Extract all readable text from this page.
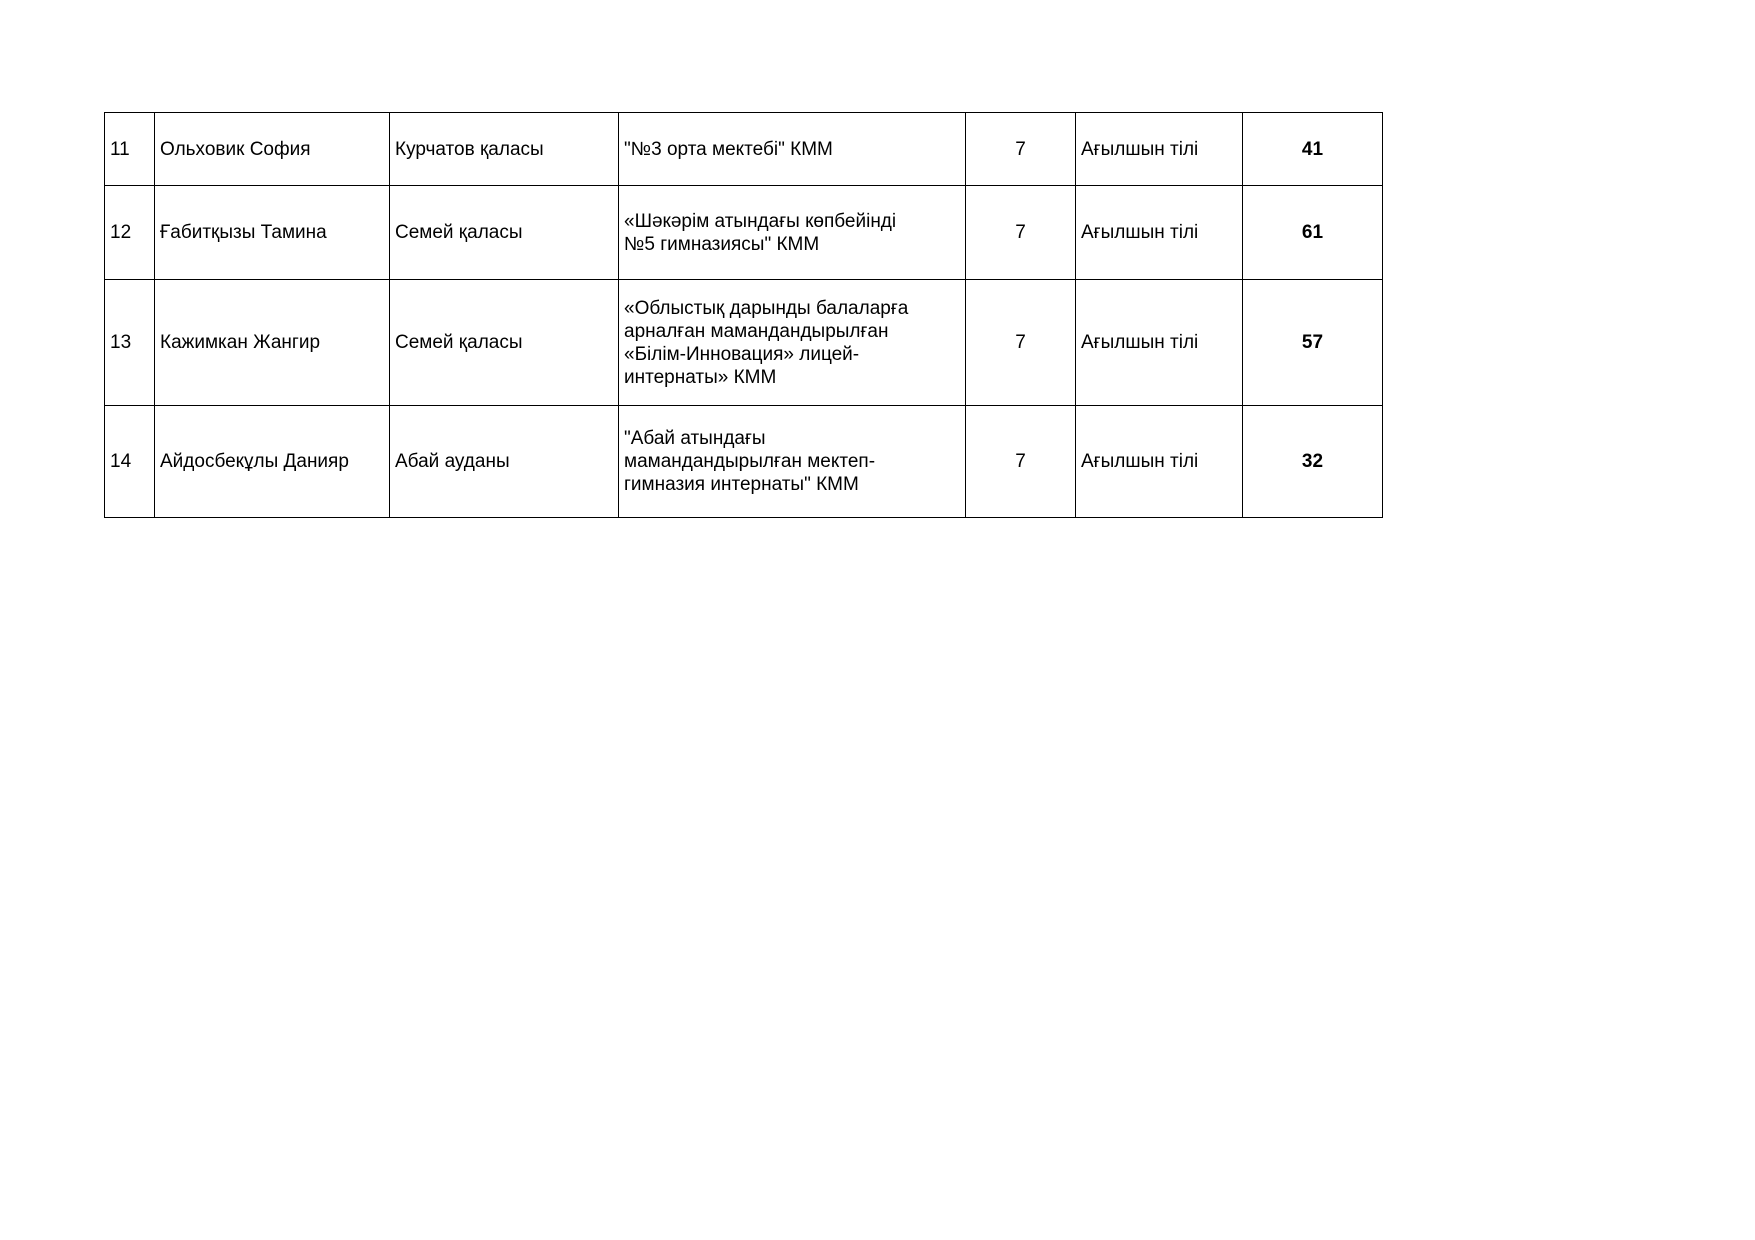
11	Ольховик София	Курчатов қаласы	"№3 орта мектебі" КММ	7	Ағылшын тілі	41
12	Ғабитқызы Тамина	Семей қаласы	«Шәкәрім атындағы көпбейінді
№5 гимназиясы" КММ	7	Ағылшын тілі	61
13	Кажимкан Жангир	Семей қаласы	«Облыстық дарынды балаларға
арналған мамандандырылған
«Білім-Инновация» лицей-
интернаты» КММ	7	Ағылшын тілі	57
14	Айдосбекұлы Данияр	Абай ауданы	"Абай атындағы
мамандандырылған мектеп-
гимназия интернаты" КММ	7	Ағылшын тілі	32
